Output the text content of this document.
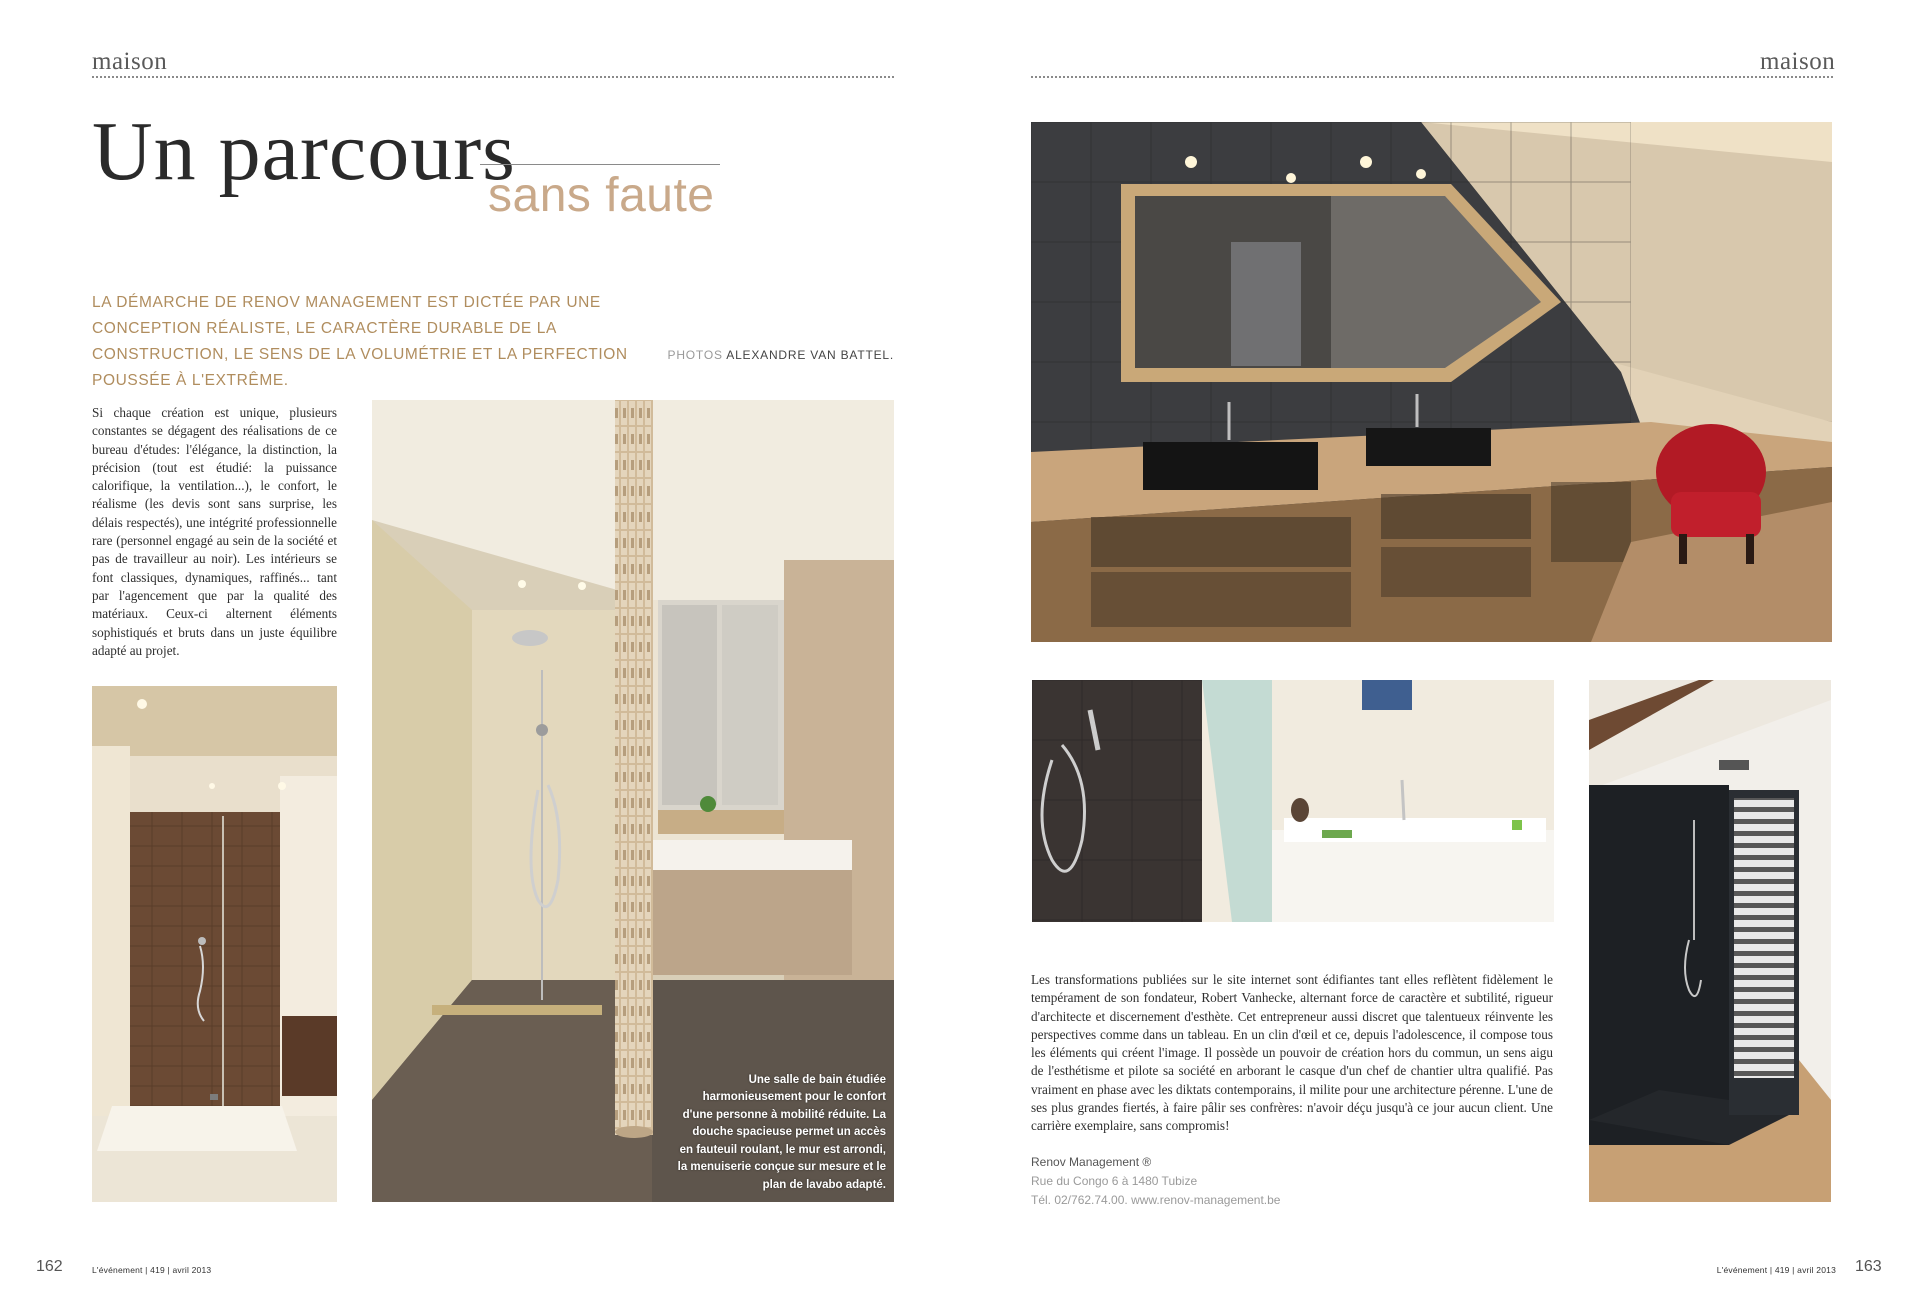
maison
Un parcours
sans faute
LA DÉMARCHE DE RENOV MANAGEMENT EST DICTÉE PAR UNE CONCEPTION RÉALISTE, LE CARACTÈRE DURABLE DE LA CONSTRUCTION, LE SENS DE LA VOLUMÉTRIE ET LA PERFECTION POUSSÉE À L'EXTRÊME.
PHOTOS ALEXANDRE VAN BATTEL.
Si chaque création est unique, plusieurs constantes se dégagent des réalisations de ce bureau d'études: l'élégance, la distinction, la précision (tout est étudié: la puissance calorifique, la ventilation...), le confort, le réalisme (les devis sont sans surprise, les délais respectés), une intégrité professionnelle rare (personnel engagé au sein de la société et pas de travailleur au noir). Les intérieurs se font classiques, dynamiques, raffinés... tant par l'agencement que par la qualité des matériaux. Ceux-ci alternent éléments sophistiqués et bruts dans un juste équilibre adapté au projet.
Une salle de bain étudiée harmonieusement pour le confort d'une personne à mobilité réduite. La douche spacieuse permet un accès en fauteuil roulant, le mur est arrondi, la menuiserie conçue sur mesure et le plan de lavabo adapté.
162	L'événement | 419 | avril 2013
maison
Les transformations publiées sur le site internet sont édifiantes tant elles reflètent fidèlement le tempérament de son fondateur, Robert Vanhecke, alternant force de caractère et subtilité, rigueur d'architecte et discernement d'esthète. Cet entrepreneur aussi discret que talentueux réinvente les perspectives comme dans un tableau. En un clin d'œil et ce, depuis l'adolescence, il compose tous les éléments qui créent l'image. Il possède un pouvoir de création hors du commun, un sens aigu de l'esthétisme et pilote sa société en arborant le casque d'un chef de chantier ultra qualifié. Pas vraiment en phase avec les diktats contemporains, il milite pour une architecture pérenne. L'une de ses plus grandes fiertés, à faire pâlir ses confrères: n'avoir déçu jusqu'à ce jour aucun client. Une carrière exemplaire, sans compromis!
Renov Management ®
Rue du Congo 6 à 1480 Tubize
Tél. 02/762.74.00. www.renov-management.be
L'événement | 419 | avril 2013 163
